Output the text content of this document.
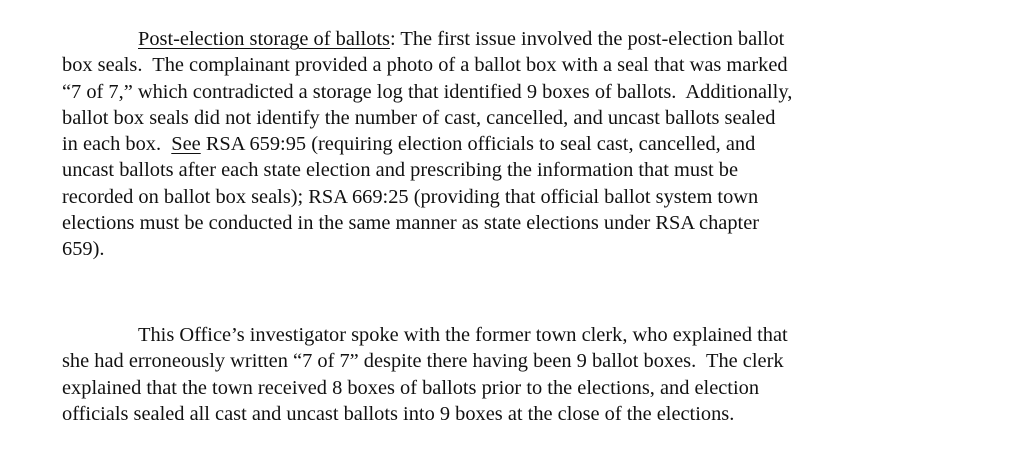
Post-election storage of ballots: The first issue involved the post-election ballot
box seals.  The complainant provided a photo of a ballot box with a seal that was marked
“7 of 7,” which contradicted a storage log that identified 9 boxes of ballots.  Additionally,
ballot box seals did not identify the number of cast, cancelled, and uncast ballots sealed
in each box.  See RSA 659:95 (requiring election officials to seal cast, cancelled, and
uncast ballots after each state election and prescribing the information that must be
recorded on ballot box seals); RSA 669:25 (providing that official ballot system town
elections must be conducted in the same manner as state elections under RSA chapter
659).
This Office’s investigator spoke with the former town clerk, who explained that
she had erroneously written “7 of 7” despite there having been 9 ballot boxes.  The clerk
explained that the town received 8 boxes of ballots prior to the elections, and election
officials sealed all cast and uncast ballots into 9 boxes at the close of the elections.
